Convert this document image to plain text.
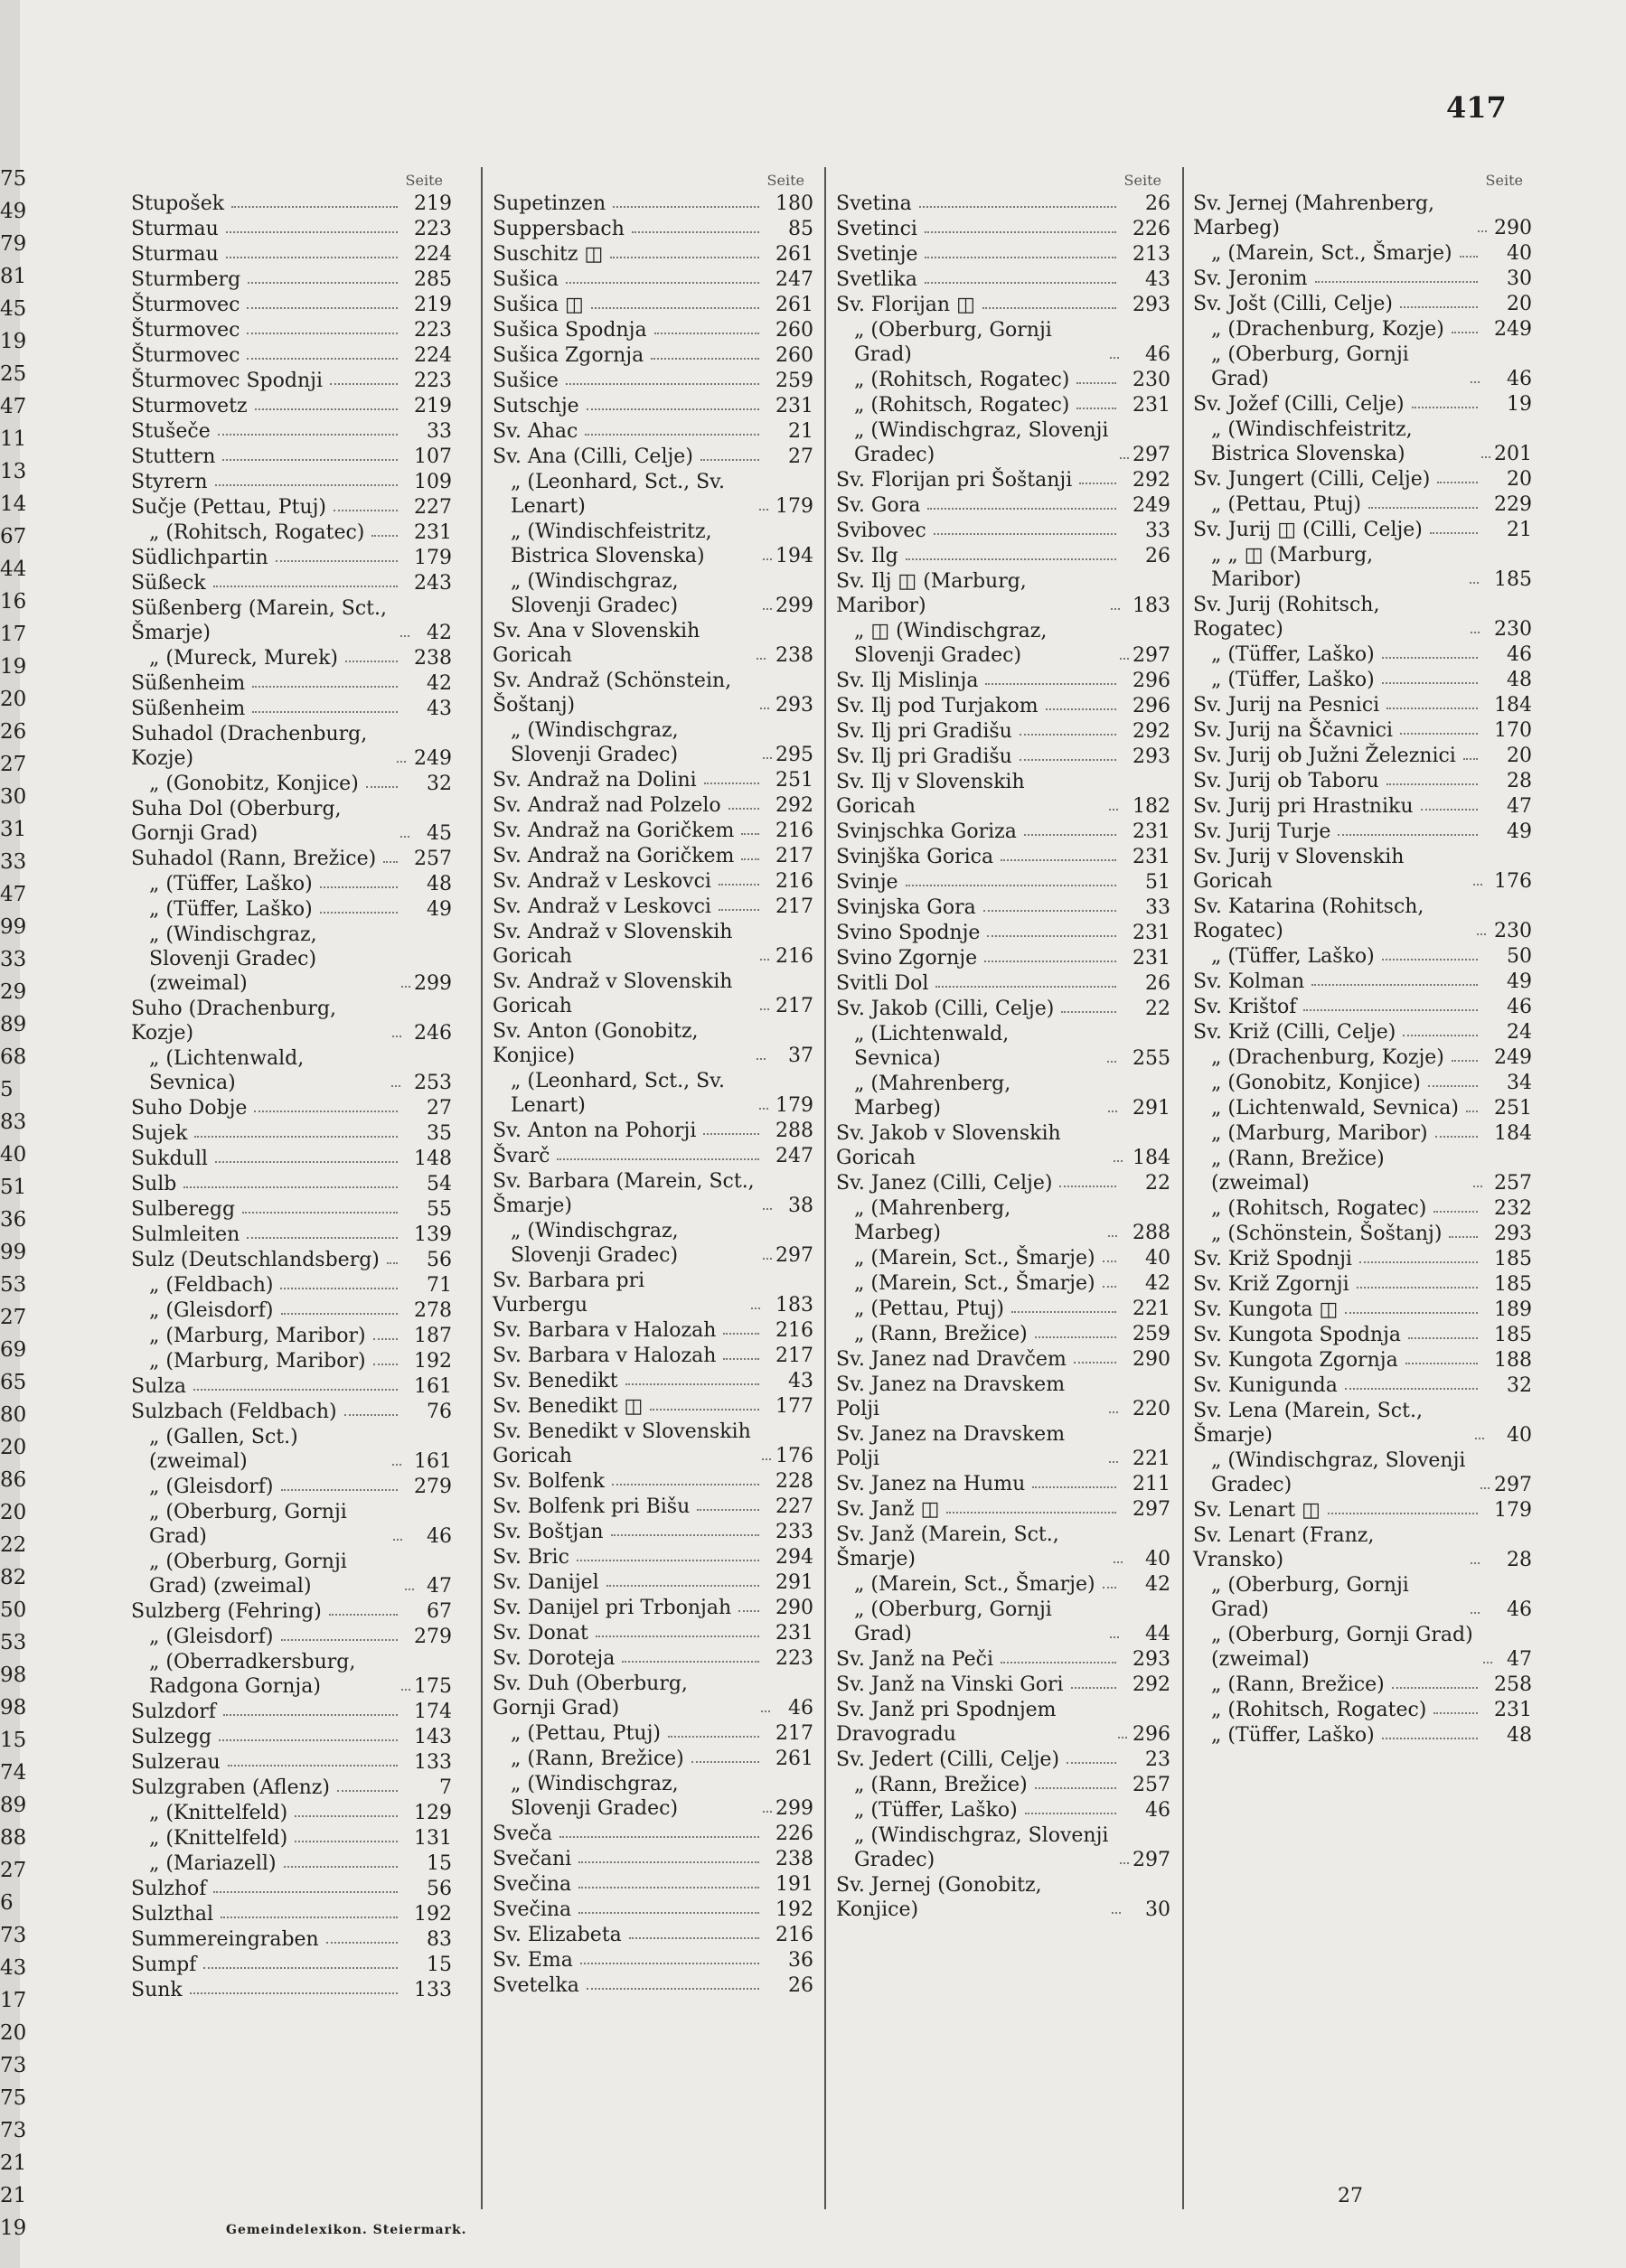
417
75
49
79
81
45
19
25
47
11
13
14
67
44
16
17
19
20
26
27
30
31
33
47
99
33
29
89
68
5
83
40
51
36
99
53
27
69
65
80
20
86
20
22
82
50
53
98
98
15
74
89
88
27
6
73
43
17
20
73
75
73
21
21
19
Seite
Stupošek	219
Sturmau	223
Sturmau	224
Sturmberg	285
Šturmovec	219
Šturmovec	223
Šturmovec	224
Šturmovec Spodnji	223
Sturmovetz	219
Stušeče	33
Stuttern	107
Styrern	109
Sučje (Pettau, Ptuj)	227
„ (Rohitsch, Rogatec)	231
Südlichpartin	179
Süßeck	243
Süßenberg (Marein, Sct., Šmarje)	42
„ (Mureck, Murek)	238
Süßenheim	42
Süßenheim	43
Suhadol (Drachenburg, Kozje)	249
„ (Gonobitz, Konjice)	32
Suha Dol (Oberburg, Gornji Grad)	45
Suhadol (Rann, Brežice)	257
„ (Tüffer, Laško)	48
„ (Tüffer, Laško)	49
„ (Windischgraz, Slovenji Gradec) (zweimal)	299
Suho (Drachenburg, Kozje)	246
„ (Lichtenwald, Sevnica)	253
Suho Dobje	27
Sujek	35
Sukdull	148
Sulb	54
Sulberegg	55
Sulmleiten	139
Sulz (Deutschlandsberg)	56
„ (Feldbach)	71
„ (Gleisdorf)	278
„ (Marburg, Maribor)	187
„ (Marburg, Maribor)	192
Sulza	161
Sulzbach (Feldbach)	76
„ (Gallen, Sct.) (zweimal)	161
„ (Gleisdorf)	279
„ (Oberburg, Gornji Grad)	46
„ (Oberburg, Gornji Grad) (zweimal)	47
Sulzberg (Fehring)	67
„ (Gleisdorf)	279
„ (Oberradkersburg, Radgona Gornja)	175
Sulzdorf	174
Sulzegg	143
Sulzerau	133
Sulzgraben (Aflenz)	7
„ (Knittelfeld)	129
„ (Knittelfeld)	131
„ (Mariazell)	15
Sulzhof	56
Sulzthal	192
Summereingraben	83
Sumpf	15
Sunk	133
Seite
Supetinzen	180
Suppersbach	85
Suschitz ◫	261
Sušica	247
Sušica ◫	261
Sušica Spodnja	260
Sušica Zgornja	260
Sušice	259
Sutschje	231
Sv. Ahac	21
Sv. Ana (Cilli, Celje)	27
„ (Leonhard, Sct., Sv. Lenart)	179
„ (Windischfeistritz, Bistrica Slovenska)	194
„ (Windischgraz, Slovenji Gradec)	299
Sv. Ana v Slovenskih Goricah	238
Sv. Andraž (Schönstein, Šoštanj)	293
„ (Windischgraz, Slovenji Gradec)	295
Sv. Andraž na Dolini	251
Sv. Andraž nad Polzelo	292
Sv. Andraž na Goričkem	216
Sv. Andraž na Goričkem	217
Sv. Andraž v Leskovci	216
Sv. Andraž v Leskovci	217
Sv. Andraž v Slovenskih Goricah	216
Sv. Andraž v Slovenskih Goricah	217
Sv. Anton (Gonobitz, Konjice)	37
„ (Leonhard, Sct., Sv. Lenart)	179
Sv. Anton na Pohorji	288
Švarč	247
Sv. Barbara (Marein, Sct., Šmarje)	38
„ (Windischgraz, Slovenji Gradec)	297
Sv. Barbara pri Vurbergu	183
Sv. Barbara v Halozah	216
Sv. Barbara v Halozah	217
Sv. Benedikt	43
Sv. Benedikt ◫	177
Sv. Benedikt v Slovenskih Goricah	176
Sv. Bolfenk	228
Sv. Bolfenk pri Bišu	227
Sv. Boštjan	233
Sv. Bric	294
Sv. Danijel	291
Sv. Danijel pri Trbonjah	290
Sv. Donat	231
Sv. Doroteja	223
Sv. Duh (Oberburg, Gornji Grad)	46
„ (Pettau, Ptuj)	217
„ (Rann, Brežice)	261
„ (Windischgraz, Slovenji Gradec)	299
Sveča	226
Svečani	238
Svečina	191
Svečina	192
Sv. Elizabeta	216
Sv. Ema	36
Svetelka	26
Seite
Svetina	26
Svetinci	226
Svetinje	213
Svetlika	43
Sv. Florijan ◫	293
„ (Oberburg, Gornji Grad)	46
„ (Rohitsch, Rogatec)	230
„ (Rohitsch, Rogatec)	231
„ (Windischgraz, Slovenji Gradec)	297
Sv. Florijan pri Šoštanji	292
Sv. Gora	249
Svibovec	33
Sv. Ilg	26
Sv. Ilj ◫ (Marburg, Maribor)	183
„ ◫ (Windischgraz, Slovenji Gradec)	297
Sv. Ilj Mislinja	296
Sv. Ilj pod Turjakom	296
Sv. Ilj pri Gradišu	292
Sv. Ilj pri Gradišu	293
Sv. Ilj v Slovenskih Goricah	182
Svinjschka Goriza	231
Svinjška Gorica	231
Svinje	51
Svinjska Gora	33
Svino Spodnje	231
Svino Zgornje	231
Svitli Dol	26
Sv. Jakob (Cilli, Celje)	22
„ (Lichtenwald, Sevnica)	255
„ (Mahrenberg, Marbeg)	291
Sv. Jakob v Slovenskih Goricah	184
Sv. Janez (Cilli, Celje)	22
„ (Mahrenberg, Marbeg)	288
„ (Marein, Sct., Šmarje)	40
„ (Marein, Sct., Šmarje)	42
„ (Pettau, Ptuj)	221
„ (Rann, Brežice)	259
Sv. Janez nad Dravčem	290
Sv. Janez na Dravskem Polji	220
Sv. Janez na Dravskem Polji	221
Sv. Janez na Humu	211
Sv. Janž ◫	297
Sv. Janž (Marein, Sct., Šmarje)	40
„ (Marein, Sct., Šmarje)	42
„ (Oberburg, Gornji Grad)	44
Sv. Janž na Peči	293
Sv. Janž na Vinski Gori	292
Sv. Janž pri Spodnjem Dravogradu	296
Sv. Jedert (Cilli, Celje)	23
„ (Rann, Brežice)	257
„ (Tüffer, Laško)	46
„ (Windischgraz, Slovenji Gradec)	297
Sv. Jernej (Gonobitz, Konjice)	30
Seite
Sv. Jernej (Mahrenberg, Marbeg)	290
„ (Marein, Sct., Šmarje)	40
Sv. Jeronim	30
Sv. Jošt (Cilli, Celje)	20
„ (Drachenburg, Kozje)	249
„ (Oberburg, Gornji Grad)	46
Sv. Jožef (Cilli, Celje)	19
„ (Windischfeistritz, Bistrica Slovenska)	201
Sv. Jungert (Cilli, Celje)	20
„ (Pettau, Ptuj)	229
Sv. Jurij ◫ (Cilli, Celje)	21
„ „ ◫ (Marburg, Maribor)	185
Sv. Jurij (Rohitsch, Rogatec)	230
„ (Tüffer, Laško)	46
„ (Tüffer, Laško)	48
Sv. Jurij na Pesnici	184
Sv. Jurij na Ščavnici	170
Sv. Jurij ob Južni Železnici	20
Sv. Jurij ob Taboru	28
Sv. Jurij pri Hrastniku	47
Sv. Jurij Turje	49
Sv. Jurij v Slovenskih Goricah	176
Sv. Katarina (Rohitsch, Rogatec)	230
„ (Tüffer, Laško)	50
Sv. Kolman	49
Sv. Krištof	46
Sv. Križ (Cilli, Celje)	24
„ (Drachenburg, Kozje)	249
„ (Gonobitz, Konjice)	34
„ (Lichtenwald, Sevnica)	251
„ (Marburg, Maribor)	184
„ (Rann, Brežice) (zweimal)	257
„ (Rohitsch, Rogatec)	232
„ (Schönstein, Šoštanj)	293
Sv. Križ Spodnji	185
Sv. Križ Zgornji	185
Sv. Kungota ◫	189
Sv. Kungota Spodnja	185
Sv. Kungota Zgornja	188
Sv. Kunigunda	32
Sv. Lena (Marein, Sct., Šmarje)	40
„ (Windischgraz, Slovenji Gradec)	297
Sv. Lenart ◫	179
Sv. Lenart (Franz, Vransko)	28
„ (Oberburg, Gornji Grad)	46
„ (Oberburg, Gornji Grad) (zweimal)	47
„ (Rann, Brežice)	258
„ (Rohitsch, Rogatec)	231
„ (Tüffer, Laško)	48
27
Gemeindelexikon. Steiermark.
